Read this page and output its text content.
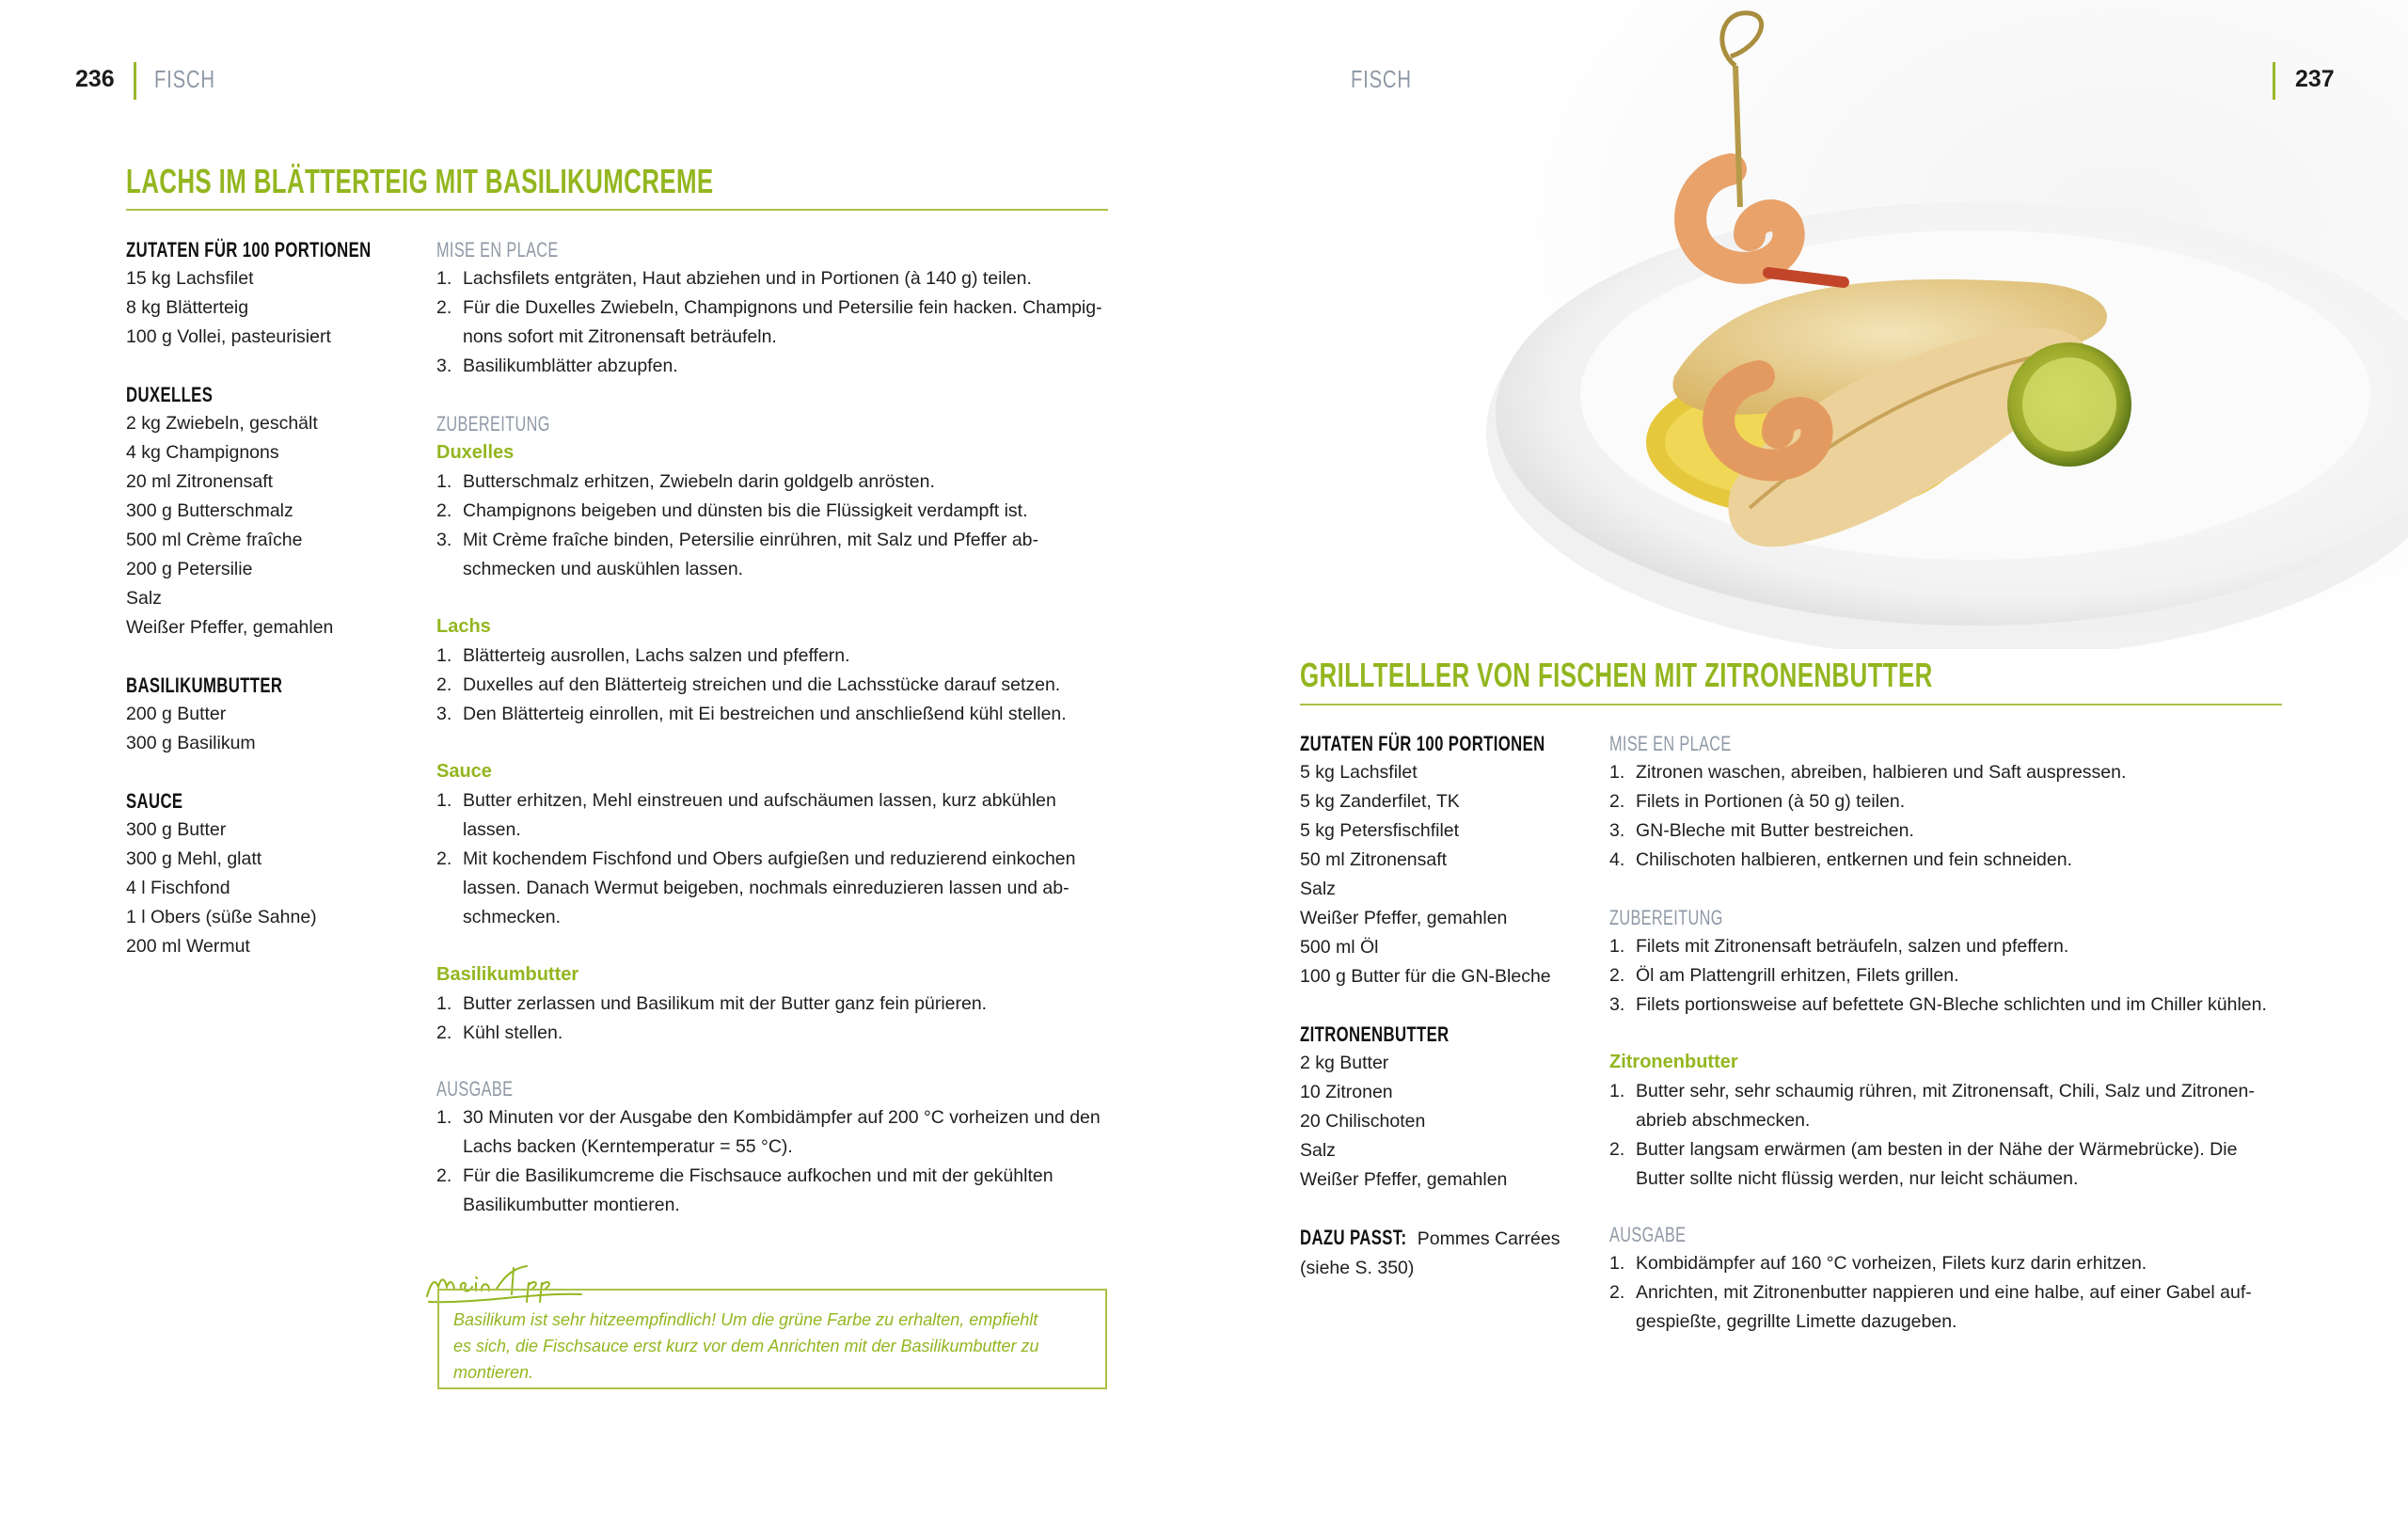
236 FISCH
LACHS IM BLÄTTERTEIG MIT BASILIKUMCREME

ZUTATEN FÜR 100 PORTIONEN

15 kg Lachsfilet
8 kg Blätterteig
100 g Vollei, pasteurisiert

DUXELLES

2 kg Zwiebeln, geschält
4 kg Champignons
20 ml Zitronensaft
300 g Butterschmalz
500 ml Crème fraîche
200 g Petersilie
Salz
Weißer Pfeffer, gemahlen

BASILIKUMBUTTER

200 g Butter
300 g Basilikum

SAUCE

300 g Butter
300 g Mehl, glatt
4 l Fischfond
1 l Obers (süße Sahne)
200 ml Wermut

MISE EN PLACE

Lachsfilets entgräten, Haut abziehen und in Portionen (à 140 g) teilen.
Für die Duxelles Zwiebeln, Champignons und Petersilie fein hacken. Champig-nons sofort mit Zitronensaft beträufeln.
Basilikumblätter abzupfen.

ZUBEREITUNG

Duxelles
Butterschmalz erhitzen, Zwiebeln darin goldgelb anrösten.
Champignons beigeben und dünsten bis die Flüssigkeit verdampft ist.
Mit Crème fraîche binden, Petersilie einrühren, mit Salz und Pfeffer ab-schmecken und auskühlen lassen.
Lachs
Blätterteig ausrollen, Lachs salzen und pfeffern.
Duxelles auf den Blätterteig streichen und die Lachsstücke darauf setzen.
Den Blätterteig einrollen, mit Ei bestreichen und anschließend kühl stellen.
Sauce
Butter erhitzen, Mehl einstreuen und aufschäumen lassen, kurz abkühlen lassen.
Mit kochendem Fischfond und Obers aufgießen und reduzierend einkochen lassen. Danach Wermut beigeben, nochmals einreduzieren lassen und ab-schmecken.
Basilikumbutter
Butter zerlassen und Basilikum mit der Butter ganz fein pürieren.
Kühl stellen.

AUSGABE

30 Minuten vor der Ausgabe den Kombidämpfer auf 200 °C vorheizen und den Lachs backen (Kerntemperatur = 55 °C).
Für die Basilikumcreme die Fischsauce aufkochen und mit der gekühlten Basilikumbutter montieren.
Mein Tipp
Basilikum ist sehr hitzeempfindlich! Um die grüne Farbe zu erhalten, empfiehlt
es sich, die Fischsauce erst kurz vor dem Anrichten mit der Basilikumbutter zu
montieren.
FISCH	237
GRILLTELLER VON FISCHEN MIT ZITRONENBUTTER

ZUTATEN FÜR 100 PORTIONEN

5 kg Lachsfilet
5 kg Zanderfilet, TK
5 kg Petersfischfilet
50 ml Zitronensaft
Salz
Weißer Pfeffer, gemahlen
500 ml Öl
100 g Butter für die GN-Bleche

ZITRONENBUTTER

2 kg Butter
10 Zitronen
20 Chilischoten
Salz
Weißer Pfeffer, gemahlen
DAZU PASST: Pommes Carrées
(siehe S. 350)

MISE EN PLACE

Zitronen waschen, abreiben, halbieren und Saft auspressen.
Filets in Portionen (à 50 g) teilen.
GN-Bleche mit Butter bestreichen.
Chilischoten halbieren, entkernen und fein schneiden.

ZUBEREITUNG

Filets mit Zitronensaft beträufeln, salzen und pfeffern.
Öl am Plattengrill erhitzen, Filets grillen.
Filets portionsweise auf befettete GN-Bleche schlichten und im Chiller kühlen.
Zitronenbutter
Butter sehr, sehr schaumig rühren, mit Zitronensaft, Chili, Salz und Zitronen-abrieb abschmecken.
Butter langsam erwärmen (am besten in der Nähe der Wärmebrücke). Die Butter sollte nicht flüssig werden, nur leicht schäumen.

AUSGABE

Kombidämpfer auf 160 °C vorheizen, Filets kurz darin erhitzen.
Anrichten, mit Zitronenbutter nappieren und eine halbe, auf einer Gabel auf-gespießte, gegrillte Limette dazugeben.
